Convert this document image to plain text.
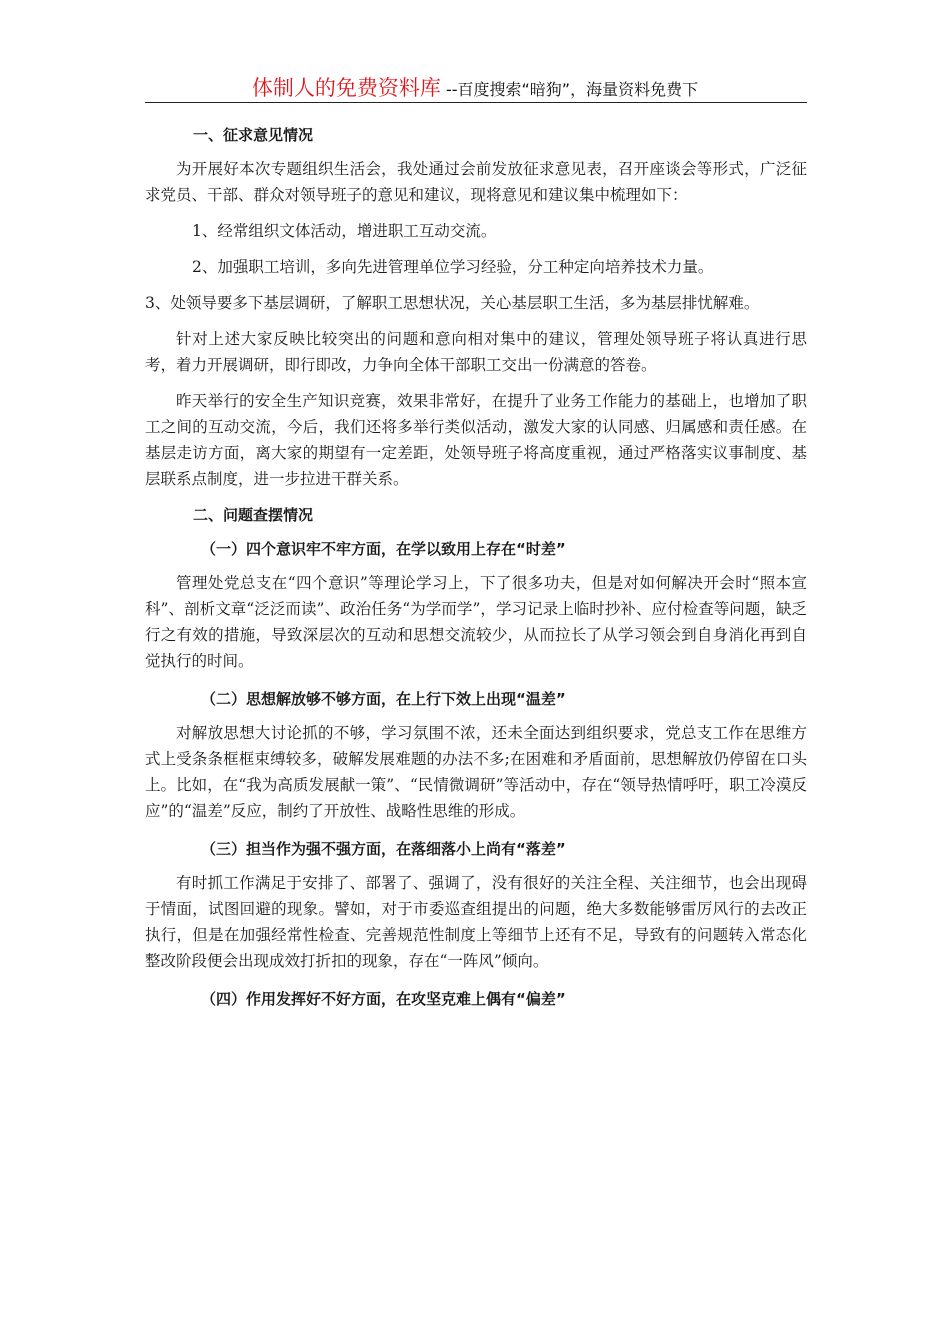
体制人的免费资料库 --百度搜索“暗狗”，海量资料免费下

一、征求意见情况

为开展好本次专题组织生活会，我处通过会前发放征求意见表，召开座谈会等形式，广泛征求党员、干部、群众对领导班子的意见和建议，现将意见和建议集中梳理如下：

1、经常组织文体活动，增进职工互动交流。

2、加强职工培训，多向先进管理单位学习经验，分工种定向培养技术力量。

3、处领导要多下基层调研，了解职工思想状况，关心基层职工生活，多为基层排忧解难。

针对上述大家反映比较突出的问题和意向相对集中的建议，管理处领导班子将认真进行思考，着力开展调研，即行即改，力争向全体干部职工交出一份满意的答卷。

昨天举行的安全生产知识竞赛，效果非常好，在提升了业务工作能力的基础上，也增加了职工之间的互动交流，今后，我们还将多举行类似活动，激发大家的认同感、归属感和责任感。在基层走访方面，离大家的期望有一定差距，处领导班子将高度重视，通过严格落实议事制度、基层联系点制度，进一步拉进干群关系。

二、问题查摆情况

（一）四个意识牢不牢方面，在学以致用上存在“时差”

管理处党总支在“四个意识”等理论学习上，下了很多功夫，但是对如何解决开会时“照本宣科”、剖析文章“泛泛而读”、政治任务“为学而学”，学习记录上临时抄补、应付检查等问题，缺乏行之有效的措施，导致深层次的互动和思想交流较少，从而拉长了从学习领会到自身消化再到自觉执行的时间。

（二）思想解放够不够方面，在上行下效上出现“温差”

对解放思想大讨论抓的不够，学习氛围不浓，还未全面达到组织要求，党总支工作在思维方式上受条条框框束缚较多，破解发展难题的办法不多;在困难和矛盾面前，思想解放仍停留在口头上。比如，在“我为高质发展献一策”、“民情微调研”等活动中，存在“领导热情呼吁，职工冷漠反应”的“温差”反应，制约了开放性、战略性思维的形成。

（三）担当作为强不强方面，在落细落小上尚有“落差”

有时抓工作满足于安排了、部署了、强调了，没有很好的关注全程、关注细节，也会出现碍于情面，试图回避的现象。譬如，对于市委巡查组提出的问题，绝大多数能够雷厉风行的去改正执行，但是在加强经常性检查、完善规范性制度上等细节上还有不足，导致有的问题转入常态化整改阶段便会出现成效打折扣的现象，存在“一阵风”倾向。

（四）作用发挥好不好方面，在攻坚克难上偶有“偏差”
